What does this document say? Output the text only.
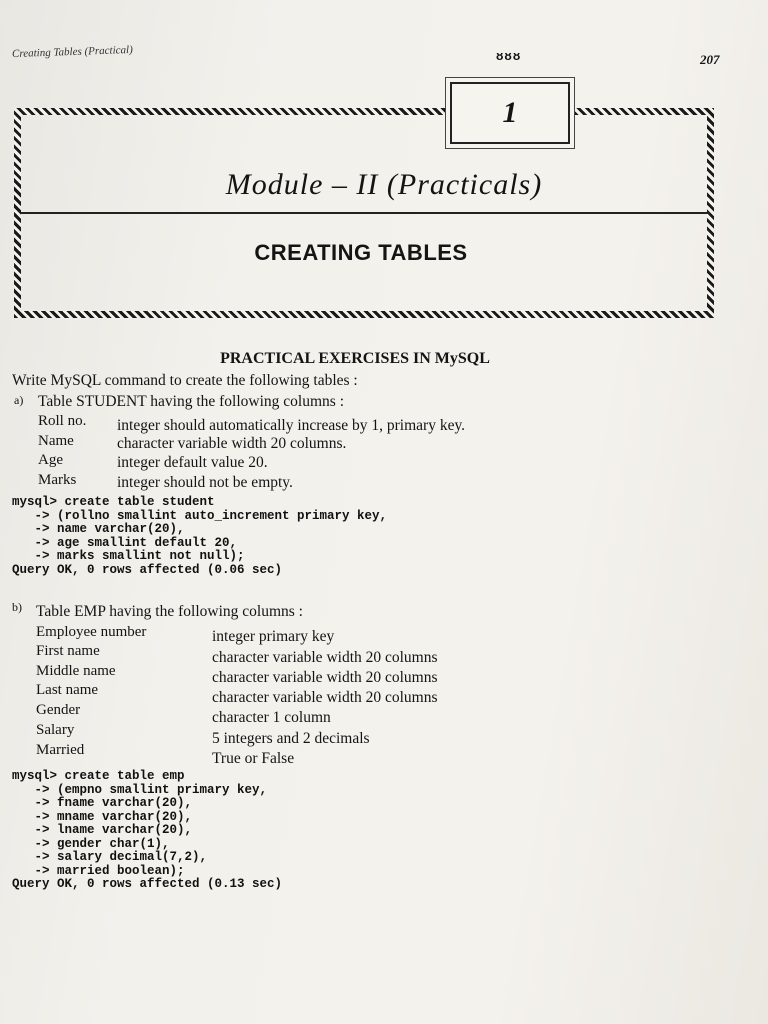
Creating Tables (Practical)	ᴕᴕᴕ	207
1
Module – II (Practicals)
CREATING TABLES
PRACTICAL EXERCISES IN MySQL
Write MySQL command to create the following tables :
a) Table STUDENT having the following columns :
Roll no. integer should automatically increase by 1, primary key.
Name	character variable width 20 columns.
Age	integer default value 20.
Marks	integer should not be empty.
mysql> create table student
-> (rollno smallint auto_increment primary key,
-> name varchar(20),
-> age smallint default 20,
-> marks smallint not null);
Query OK, 0 rows affected (0.06 sec)
b) Table EMP having the following columns :
Employee number	integer primary key
First name	character variable width 20 columns
Middle name	character variable width 20 columns
Last name	character variable width 20 columns
Gender	character 1 column
Salary	5 integers and 2 decimals
Married	True or False
mysql> create table emp
-> (empno smallint primary key,
-> fname varchar(20),
-> mname varchar(20),
-> lname varchar(20),
-> gender char(1),
-> salary decimal(7,2),
-> married boolean);
Query OK, 0 rows affected (0.13 sec)
